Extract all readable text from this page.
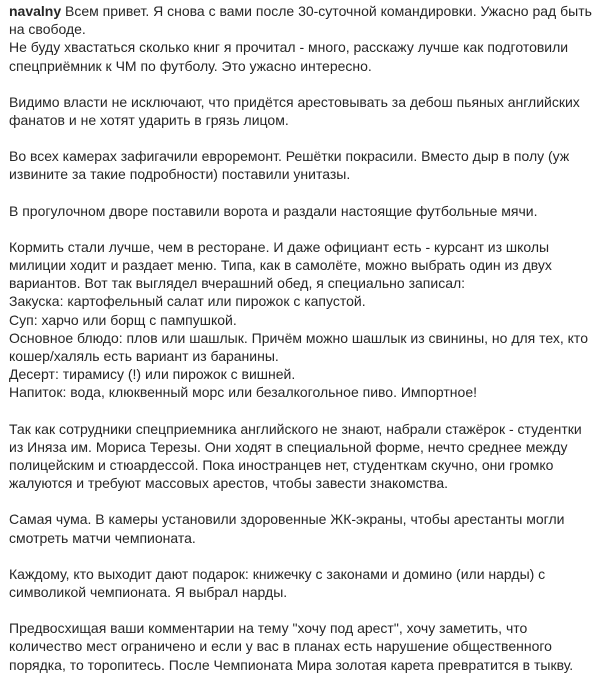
navalny Всем привет. Я снова с вами после 30-суточной командировки. Ужасно рад быть
на свободе.
Не буду хвастаться сколько книг я прочитал - много, расскажу лучше как подготовили
спецприёмник к ЧМ по футболу. Это ужасно интересно.
Видимо власти не исключают, что придётся арестовывать за дебош пьяных английских
фанатов и не хотят ударить в грязь лицом.
Во всех камерах зафигачили евроремонт. Решётки покрасили. Вместо дыр в полу (уж
извините за такие подробности) поставили унитазы.
В прогулочном дворе поставили ворота и раздали настоящие футбольные мячи.
Кормить стали лучше, чем в ресторане. И даже официант есть - курсант из школы
милиции ходит и раздает меню. Типа, как в самолёте, можно выбрать один из двух
вариантов. Вот так выглядел вчерашний обед, я специально записал:
Закуска: картофельный салат или пирожок с капустой.
Суп: харчо или борщ с пампушкой.
Основное блюдо: плов или шашлык. Причём можно шашлык из свинины, но для тех, кто
кошер/халяль есть вариант из баранины.
Десерт: тирамису (!) или пирожок с вишней.
Напиток: вода, клюквенный морс или безалкогольное пиво. Импортное!
Так как сотрудники спецприемника английского не знают, набрали стажёрок - студентки
из Иняза им. Мориса Терезы. Они ходят в специальной форме, нечто среднее между
полицейским и стюардессой. Пока иностранцев нет, студенткам скучно, они громко
жалуются и требуют массовых арестов, чтобы завести знакомства.
Самая чума. В камеры установили здоровенные ЖК-экраны, чтобы арестанты могли
смотреть матчи чемпионата.
Каждому, кто выходит дают подарок: книжечку с законами и домино (или нарды) с
символикой чемпионата. Я выбрал нарды.
Предвосхищая ваши комментарии на тему "хочу под арест", хочу заметить, что
количество мест ограничено и если у вас в планах есть нарушение общественного
порядка, то торопитесь. После Чемпионата Мира золотая карета превратится в тыкву.
